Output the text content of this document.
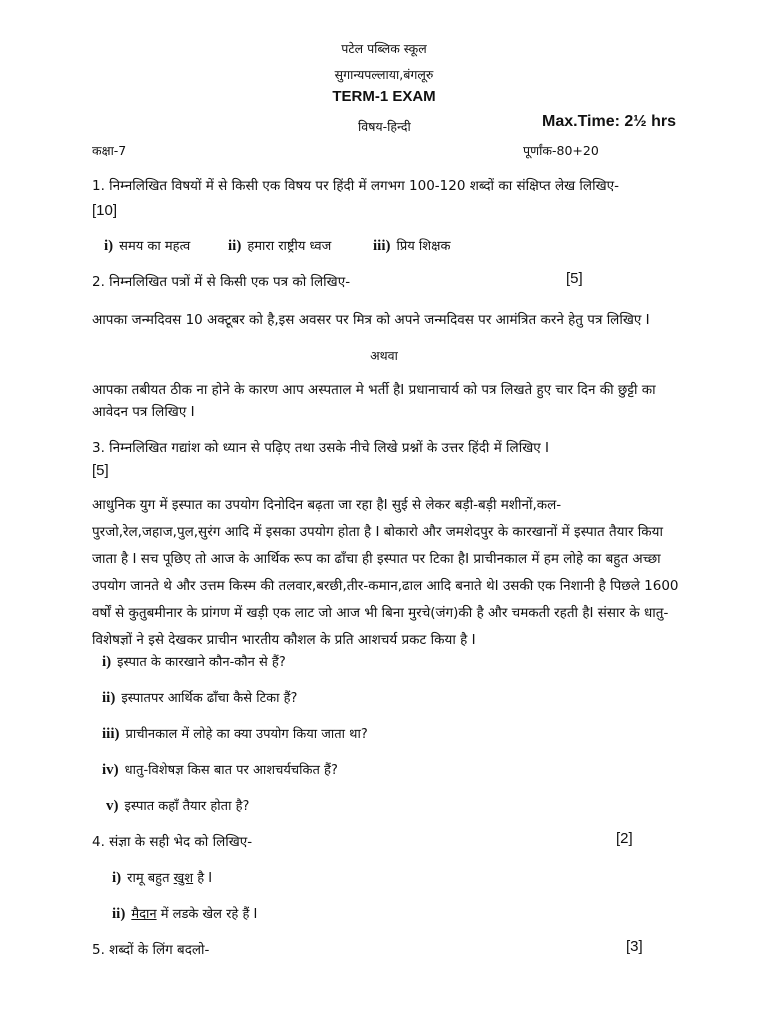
पटेल पब्लिक स्कूल
सुगान्यपल्लाया,बंगलूरु
TERM-1 EXAM
विषय-हिन्दी	Max.Time: 2½ hrs
कक्षा-7	पूर्णांक-80+20
1. निम्नलिखित विषयों में से किसी एक विषय पर हिंदी में लगभग 100-120 शब्दों का संक्षिप्त लेख लिखिए-
[10]
i) समय का महत्व	ii) हमारा राष्ट्रीय ध्वज	iii) प्रिय शिक्षक
2. निम्नलिखित पत्रों में से किसी एक पत्र को लिखिए-	[5]
आपका जन्मदिवस 10 अक्टूबर को है,इस अवसर पर मित्र को अपने जन्मदिवस पर आमंत्रित करने हेतु पत्र लिखिए I
अथवा
आपका तबीयत ठीक ना होने के कारण आप अस्पताल मे भर्ती हैI प्रधानाचार्य को पत्र लिखते हुए चार दिन की छुट्टी का
आवेदन पत्र लिखिए I
3. निम्नलिखित गद्यांश को ध्यान से पढ़िए तथा उसके नीचे लिखे प्रश्नों के उत्तर हिंदी में लिखिए I
[5]
आधुनिक युग में इस्पात का उपयोग दिनोदिन बढ़ता जा रहा हैI सुई से लेकर बड़ी-बड़ी मशीनों,कल-
पुरजो,रेल,जहाज,पुल,सुरंग आदि में इसका उपयोग होता है I बोकारो और जमशेदपुर के कारखानों में इस्पात तैयार किया
जाता है I सच पूछिए तो आज के आर्थिक रूप का ढाँचा ही इस्पात पर टिका हैI प्राचीनकाल में हम लोहे का बहुत अच्छा
उपयोग जानते थे और उत्तम किस्म की तलवार,बरछी,तीर-कमान,ढाल आदि बनाते थेI उसकी एक निशानी है पिछले 1600
वर्षों से कुतुबमीनार के प्रांगण में खड़ी एक लाट जो आज भी बिना मुरचे(जंग)की है और चमकती रहती हैI संसार के धातु-
विशेषज्ञों ने इसे देखकर प्राचीन भारतीय कौशल के प्रति आशचर्य प्रकट किया है I
i) इस्पात के कारखाने कौन-कौन से हैं?
ii) इस्पातपर आर्थिक ढाँचा कैसे टिका हैं?
iii) प्राचीनकाल में लोहे का क्या उपयोग किया जाता था?
iv) धातु-विशेषज्ञ किस बात पर आशचर्यचकित हैं?
v) इस्पात कहाँ तैयार होता है?
4. संज्ञा के सही भेद को लिखिए-	[2]
i) रामू बहुत खुश है I
ii) मैदान में लडके खेल रहे हैं I
5. शब्दों के लिंग बदलो-	[3]
